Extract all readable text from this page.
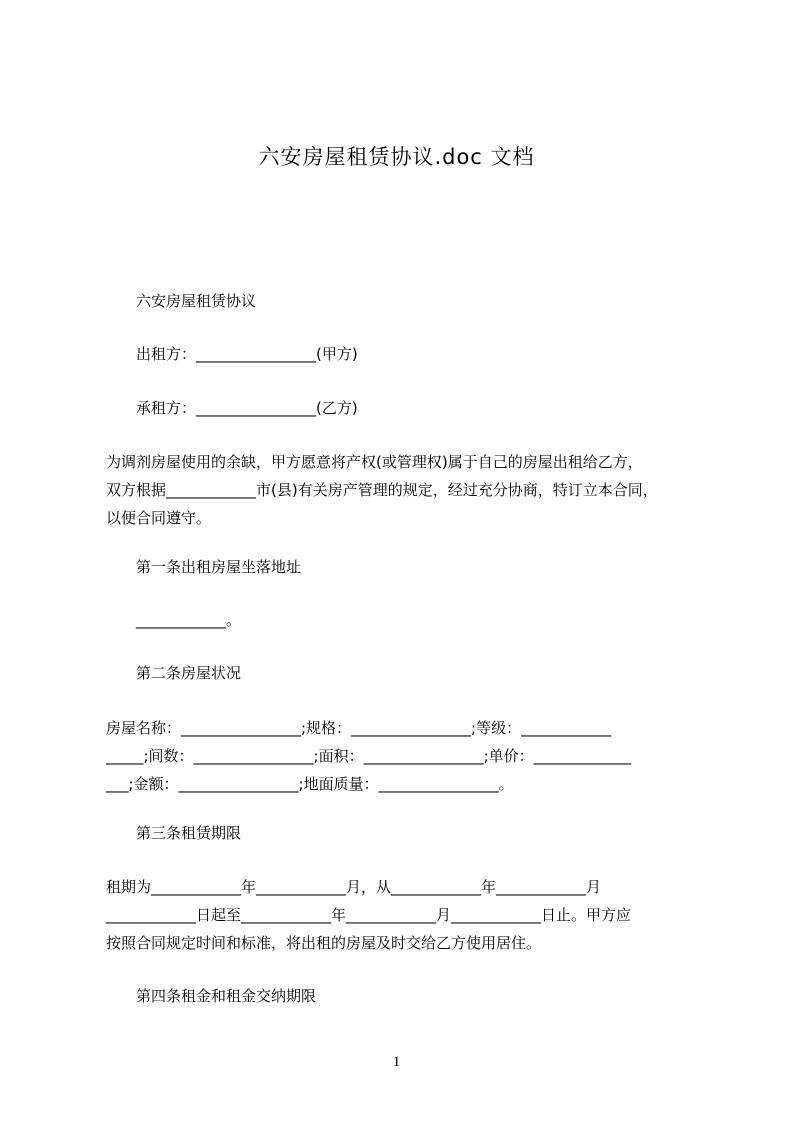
六安房屋租赁协议.doc 文档
六安房屋租赁协议
出租方：________________(甲方)
承租方：________________(乙方)
为调剂房屋使用的余缺，甲方愿意将产权(或管理权)属于自己的房屋出租给乙方，
双方根据____________市(县)有关房产管理的规定，经过充分协商，特订立本合同，
以便合同遵守。
第一条出租房屋坐落地址
____________。
第二条房屋状况
房屋名称：________________;规格：________________;等级：____________
_____;间数：________________;面积：________________;单价：_____________
___;金额：________________;地面质量：________________。
第三条租赁期限
租期为____________年____________月，从____________年____________月
____________日起至____________年____________月____________日止。甲方应
按照合同规定时间和标准，将出租的房屋及时交给乙方使用居住。
第四条租金和租金交纳期限
1
